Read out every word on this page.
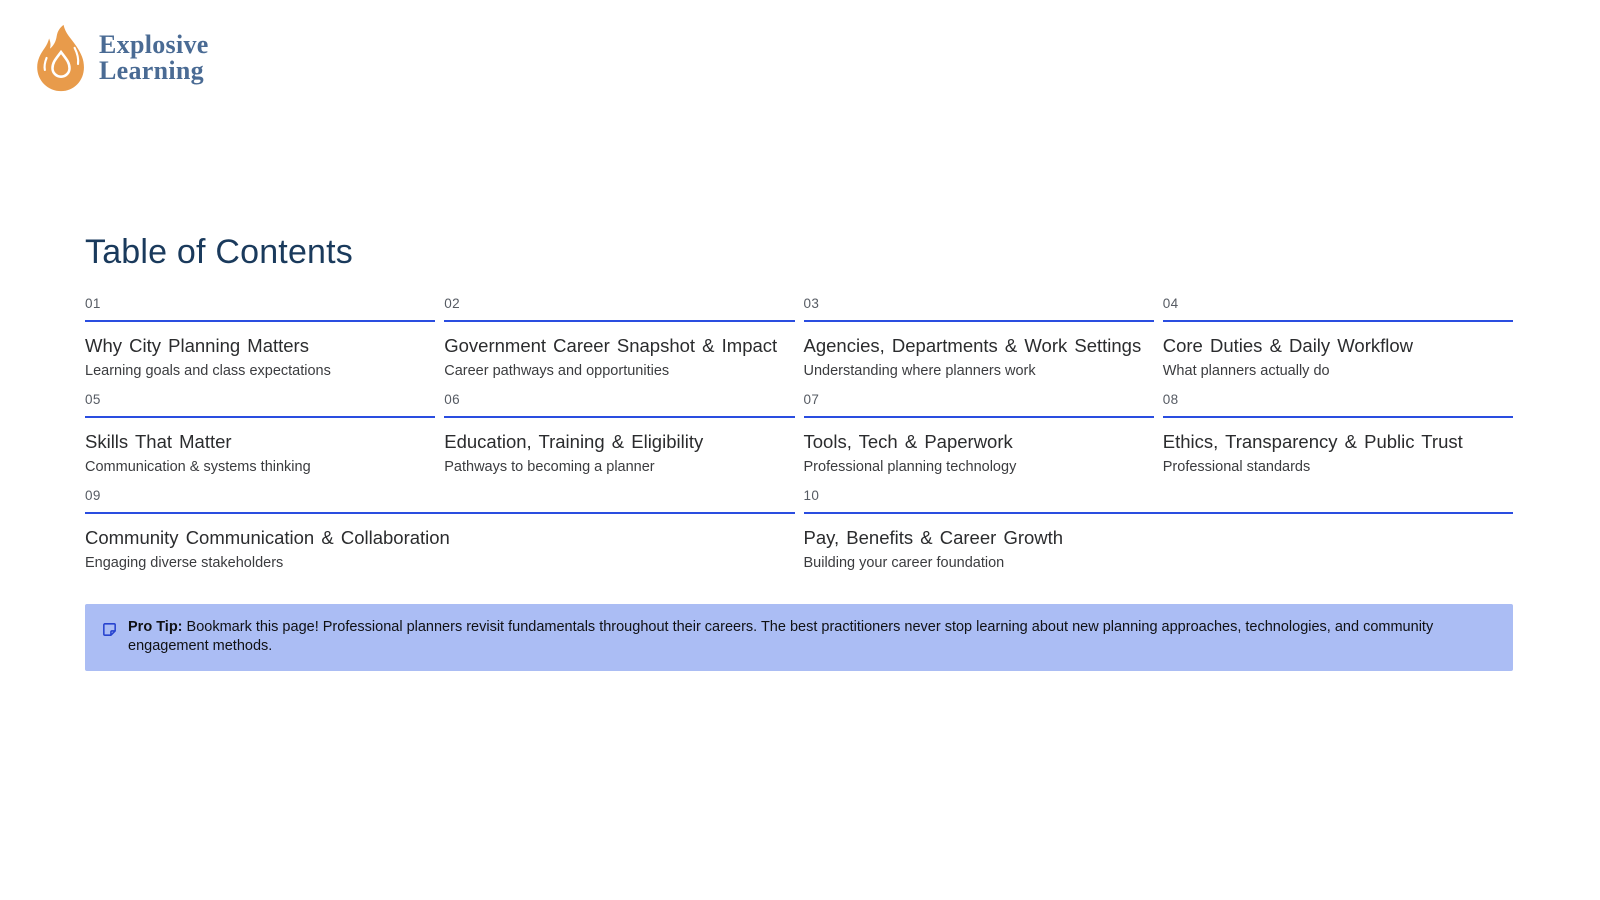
Explosive
Learning
Table of Contents
01
Why City Planning Matters
Learning goals and class expectations
02
Government Career Snapshot & Impact
Career pathways and opportunities
03
Agencies, Departments & Work Settings
Understanding where planners work
04
Core Duties & Daily Workflow
What planners actually do
05
Skills That Matter
Communication & systems thinking
06
Education, Training & Eligibility
Pathways to becoming a planner
07
Tools, Tech & Paperwork
Professional planning technology
08
Ethics, Transparency & Public Trust
Professional standards
09
Community Communication & Collaboration
Engaging diverse stakeholders
10
Pay, Benefits & Career Growth
Building your career foundation
Pro Tip: Bookmark this page! Professional planners revisit fundamentals throughout their careers. The best practitioners never stop learning about new planning approaches, technologies, and community engagement methods.
